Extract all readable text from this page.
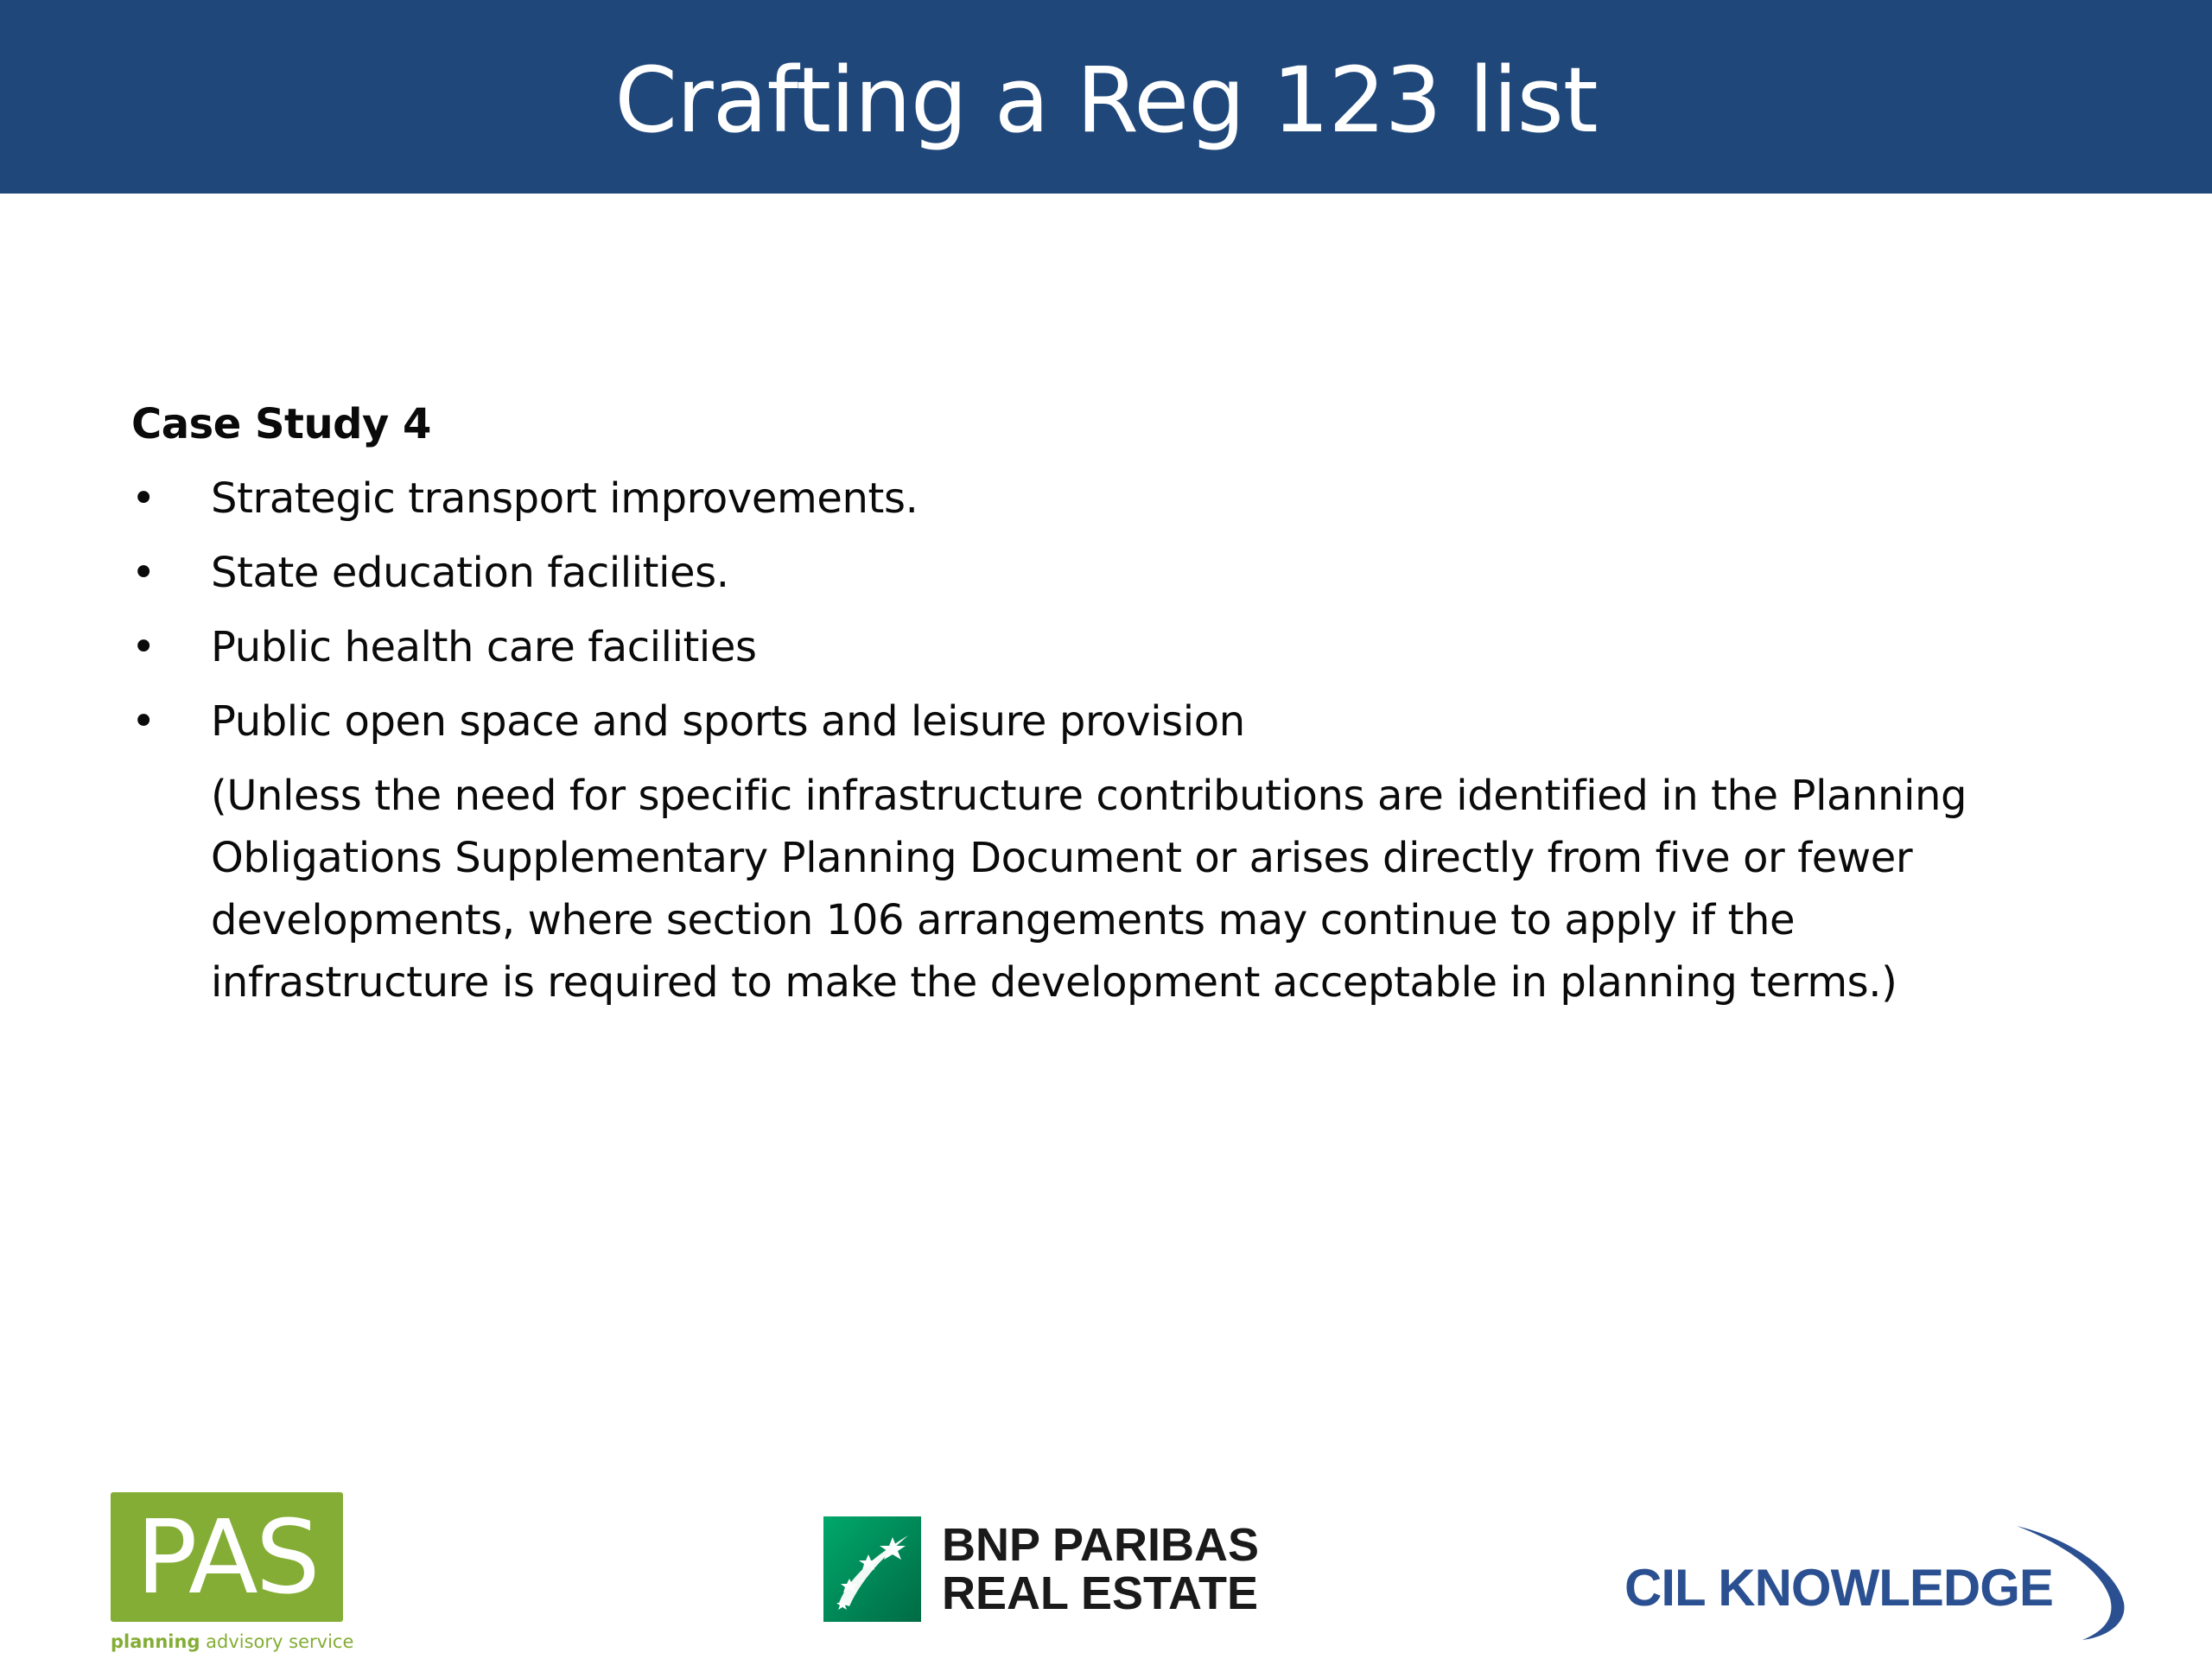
Crafting a Reg 123 list
Case Study 4
• Strategic transport improvements.
• State education facilities.
• Public health care facilities
• Public open space and sports and leisure provision

(Unless the need for specific infrastructure contributions are identified in the Planning Obligations Supplementary Planning Document or arises directly from five or fewer developments, where section 106 arrangements may continue to apply if the infrastructure is required to make the development acceptable in planning terms.)

PAS
planning advisory service
BNP PARIBAS
REAL ESTATE	CIL KNOWLEDGE
